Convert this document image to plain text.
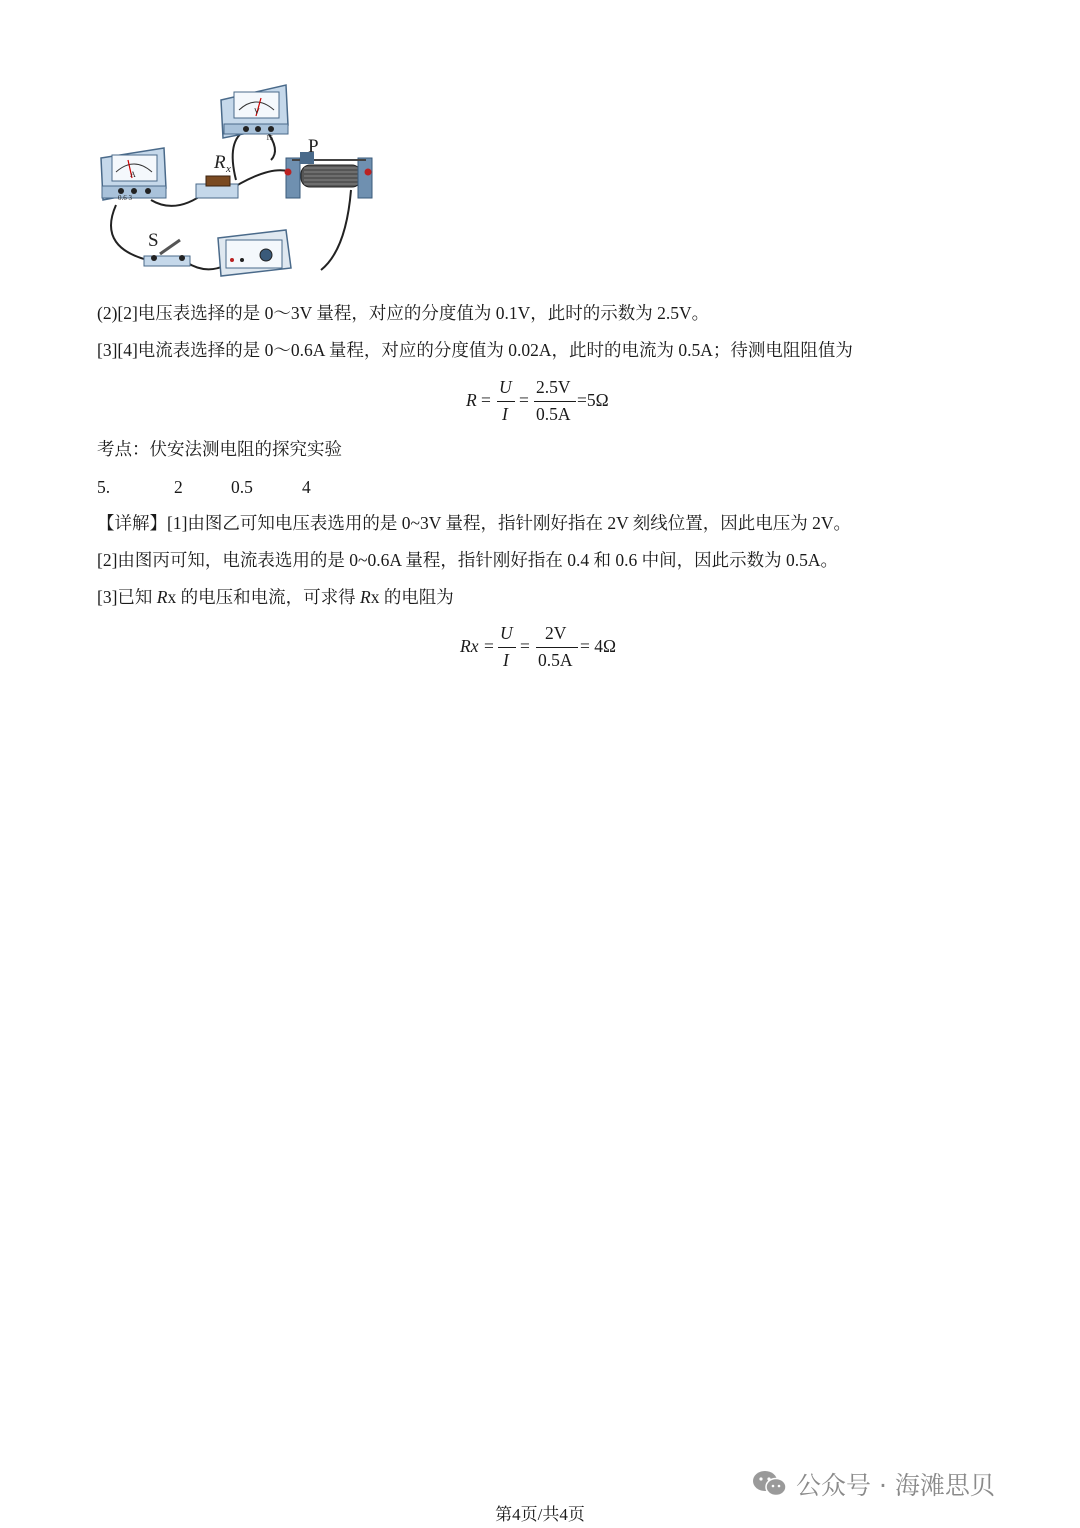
V
15
A
0.6 3
R x
P
S
(2)[2]电压表选择的是 0～3V 量程，对应的分度值为 0.1V，此时的示数为 2.5V。
[3][4]电流表选择的是 0～0.6A 量程，对应的分度值为 0.02A，此时的电流为 0.5A；待测电阻阻值为
R =
U
I
=
2.5V
0.5A
=5Ω
考点：伏安法测电阻的探究实验
5.	2	0.5	4
【详解】[1]由图乙可知电压表选用的是 0~3V 量程，指针刚好指在 2V 刻线位置，因此电压为 2V。
[2]由图丙可知，电流表选用的是 0~0.6A 量程，指针刚好指在 0.4 和 0.6 中间，因此示数为 0.5A。
[3]已知 Rx 的电压和电流，可求得 Rx 的电阻为
Rx =
U
I
=
2V
0.5A
= 4Ω
公众号 · 海滩思贝
第4页/共4页
